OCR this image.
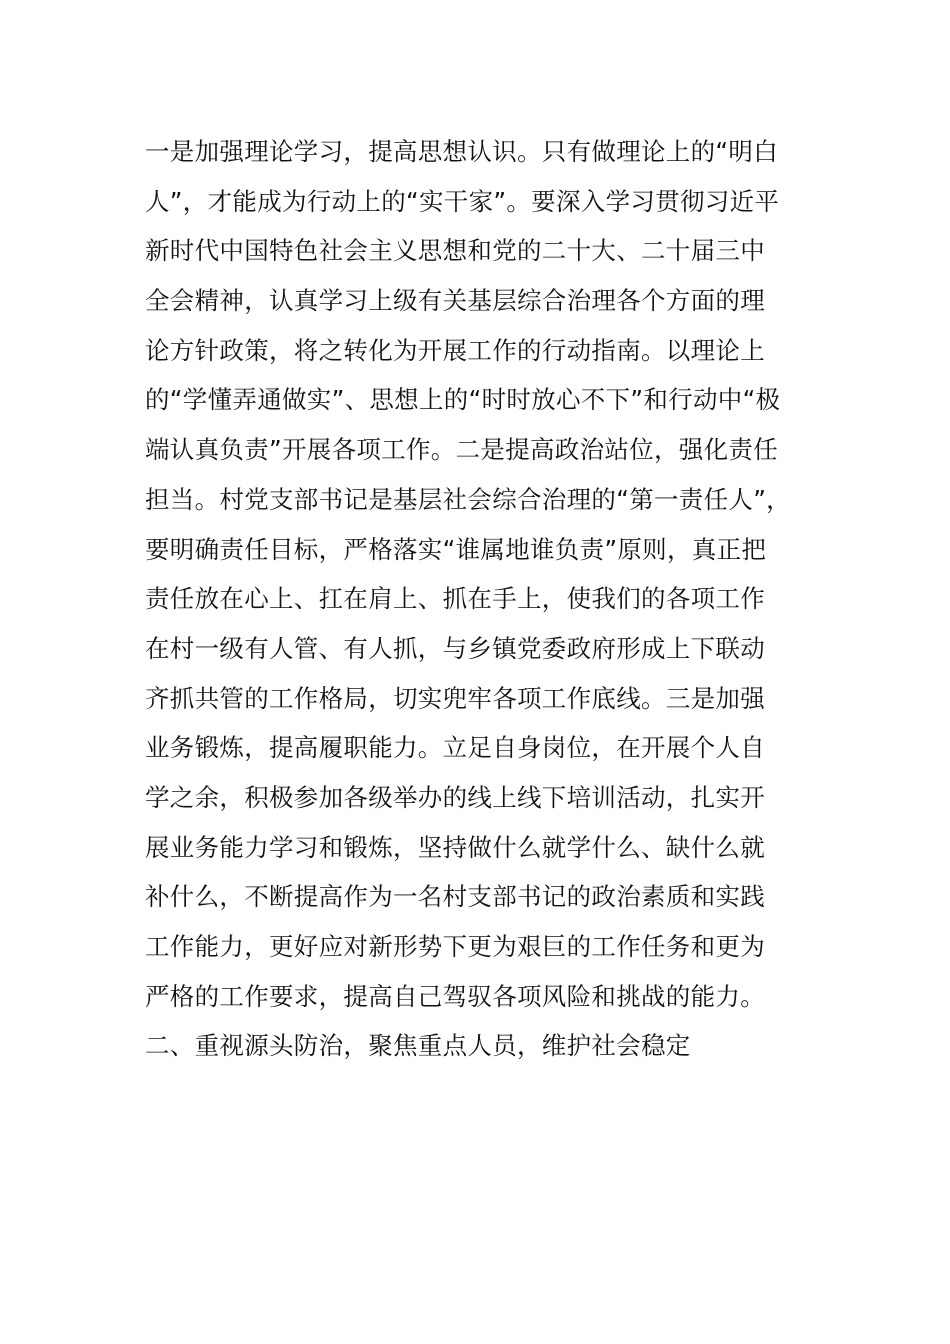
一是加强理论学习，提高思想认识。只有做理论上的“明白
人”，才能成为行动上的“实干家”。要深入学习贯彻习近平
新时代中国特色社会主义思想和党的二十大、二十届三中
全会精神，认真学习上级有关基层综合治理各个方面的理
论方针政策，将之转化为开展工作的行动指南。以理论上
的“学懂弄通做实”、思想上的“时时放心不下”和行动中“极
端认真负责”开展各项工作。二是提高政治站位，强化责任
担当。村党支部书记是基层社会综合治理的“第一责任人”，
要明确责任目标，严格落实“谁属地谁负责”原则，真正把
责任放在心上、扛在肩上、抓在手上，使我们的各项工作
在村一级有人管、有人抓，与乡镇党委政府形成上下联动
齐抓共管的工作格局，切实兜牢各项工作底线。三是加强
业务锻炼，提高履职能力。立足自身岗位，在开展个人自
学之余，积极参加各级举办的线上线下培训活动，扎实开
展业务能力学习和锻炼，坚持做什么就学什么、缺什么就
补什么，不断提高作为一名村支部书记的政治素质和实践
工作能力，更好应对新形势下更为艰巨的工作任务和更为
严格的工作要求，提高自己驾驭各项风险和挑战的能力。
二、重视源头防治，聚焦重点人员，维护社会稳定
